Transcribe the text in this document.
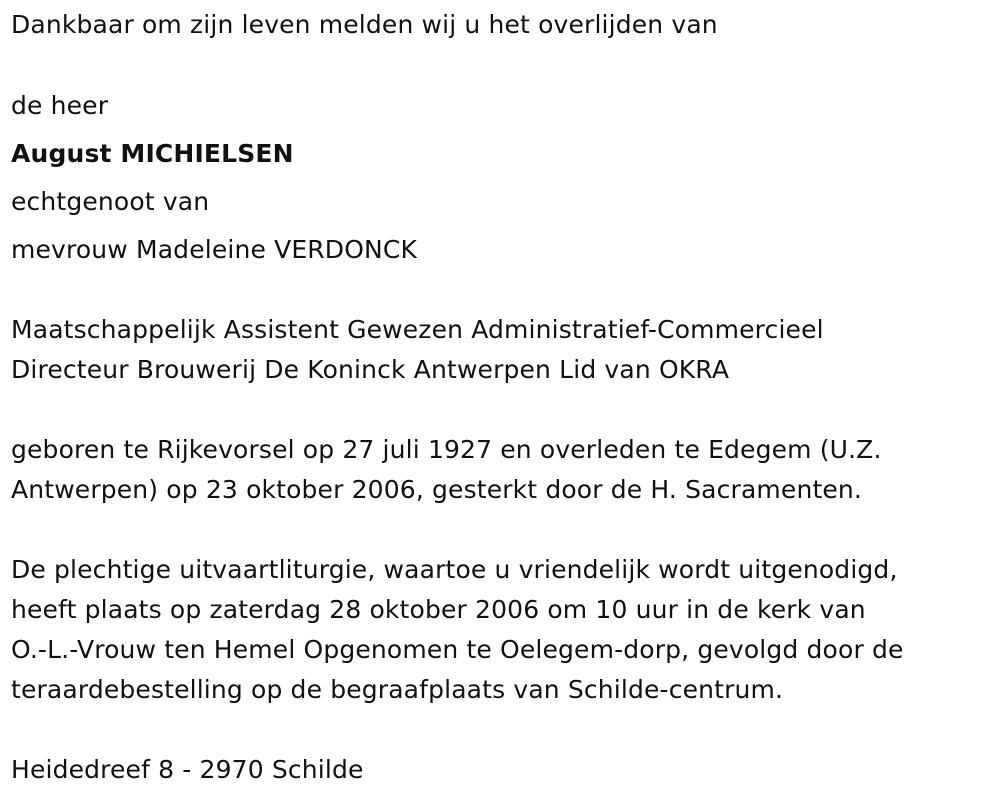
Dankbaar om zijn leven melden wij u het overlijden van
de heer
August MICHIELSEN
echtgenoot van
mevrouw Madeleine VERDONCK
Maatschappelijk Assistent Gewezen Administratief-Commercieel
Directeur Brouwerij De Koninck Antwerpen Lid van OKRA
geboren te Rijkevorsel op 27 juli 1927 en overleden te Edegem (U.Z.
Antwerpen) op 23 oktober 2006, gesterkt door de H. Sacramenten.
De plechtige uitvaartliturgie, waartoe u vriendelijk wordt uitgenodigd,
heeft plaats op zaterdag 28 oktober 2006 om 10 uur in de kerk van
O.-L.-Vrouw ten Hemel Opgenomen te Oelegem-dorp, gevolgd door de
teraardebestelling op de begraafplaats van Schilde-centrum.
Heidedreef 8 - 2970 Schilde
